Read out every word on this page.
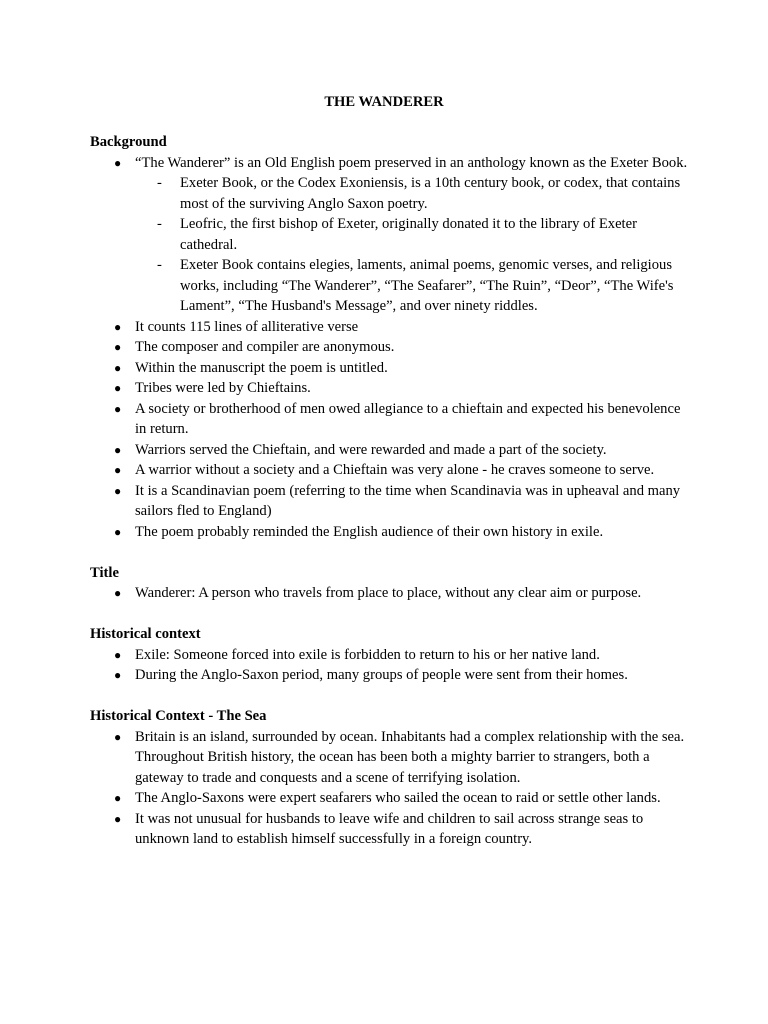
THE WANDERER

Background

● “The Wanderer” is an Old English poem preserved in an anthology known as the Exeter Book.
- Exeter Book, or the Codex Exoniensis, is a 10th century book, or codex, that contains most of the surviving Anglo Saxon poetry.
- Leofric, the first bishop of Exeter, originally donated it to the library of Exeter cathedral.
- Exeter Book contains elegies, laments, animal poems, genomic verses, and religious works, including “The Wanderer”, “The Seafarer”, “The Ruin”, “Deor”, “The Wife's Lament”, “The Husband's Message”, and over ninety riddles.
● It counts 115 lines of alliterative verse
● The composer and compiler are anonymous.
● Within the manuscript the poem is untitled.
● Tribes were led by Chieftains.
● A society or brotherhood of men owed allegiance to a chieftain and expected his benevolence in return.
● Warriors served the Chieftain, and were rewarded and made a part of the society.
● A warrior without a society and a Chieftain was very alone - he craves someone to serve.
● It is a Scandinavian poem (referring to the time when Scandinavia was in upheaval and many sailors fled to England)
● The poem probably reminded the English audience of their own history in exile.

Title

● Wanderer: A person who travels from place to place, without any clear aim or purpose.

Historical context

● Exile: Someone forced into exile is forbidden to return to his or her native land.
● During the Anglo-Saxon period, many groups of people were sent from their homes.

Historical Context - The Sea

● Britain is an island, surrounded by ocean. Inhabitants had a complex relationship with the sea. Throughout British history, the ocean has been both a mighty barrier to strangers, both a gateway to trade and conquests and a scene of terrifying isolation.
● The Anglo-Saxons were expert seafarers who sailed the ocean to raid or settle other lands.
● It was not unusual for husbands to leave wife and children to sail across strange seas to unknown land to establish himself successfully in a foreign country.
